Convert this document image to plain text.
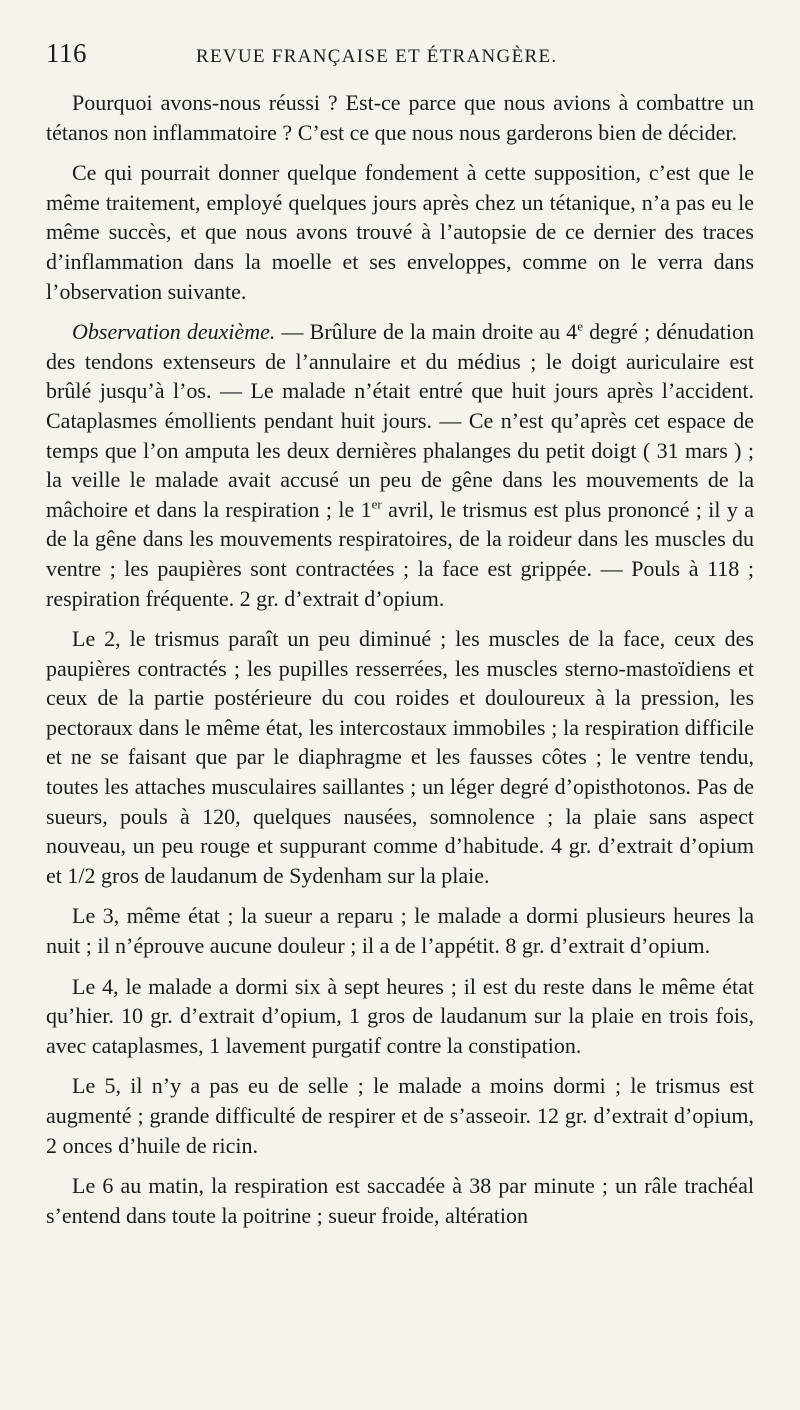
116	REVUE FRANÇAISE ET ÉTRANGÈRE.

Pourquoi avons-nous réussi ? Est-ce parce que nous avions à combattre un tétanos non inflammatoire ? C’est ce que nous nous garderons bien de décider.

Ce qui pourrait donner quelque fondement à cette supposition, c’est que le même traitement, employé quelques jours après chez un tétanique, n’a pas eu le même succès, et que nous avons trouvé à l’autopsie de ce dernier des traces d’inflammation dans la moelle et ses enveloppes, comme on le verra dans l’observation suivante.

Observation deuxième. — Brûlure de la main droite au 4e degré ; dénudation des tendons extenseurs de l’annulaire et du médius ; le doigt auriculaire est brûlé jusqu’à l’os. — Le malade n’était entré que huit jours après l’accident. Cataplasmes émollients pendant huit jours. — Ce n’est qu’après cet espace de temps que l’on amputa les deux dernières phalanges du petit doigt ( 31 mars ) ; la veille le malade avait accusé un peu de gêne dans les mouvements de la mâchoire et dans la respiration ; le 1er avril, le trismus est plus prononcé ; il y a de la gêne dans les mouvements respiratoires, de la roideur dans les muscles du ventre ; les paupières sont contractées ; la face est grippée. — Pouls à 118 ; respiration fréquente. 2 gr. d’extrait d’opium.

Le 2, le trismus paraît un peu diminué ; les muscles de la face, ceux des paupières contractés ; les pupilles resserrées, les muscles sterno-mastoïdiens et ceux de la partie postérieure du cou roides et douloureux à la pression, les pectoraux dans le même état, les intercostaux immobiles ; la respiration difficile et ne se faisant que par le diaphragme et les fausses côtes ; le ventre tendu, toutes les attaches musculaires saillantes ; un léger degré d’opisthotonos. Pas de sueurs, pouls à 120, quelques nausées, somnolence ; la plaie sans aspect nouveau, un peu rouge et suppurant comme d’habitude. 4 gr. d’extrait d’opium et 1/2 gros de laudanum de Sydenham sur la plaie.

Le 3, même état ; la sueur a reparu ; le malade a dormi plusieurs heures la nuit ; il n’éprouve aucune douleur ; il a de l’appétit. 8 gr. d’extrait d’opium.

Le 4, le malade a dormi six à sept heures ; il est du reste dans le même état qu’hier. 10 gr. d’extrait d’opium, 1 gros de laudanum sur la plaie en trois fois, avec cataplasmes, 1 lavement purgatif contre la constipation.

Le 5, il n’y a pas eu de selle ; le malade a moins dormi ; le trismus est augmenté ; grande difficulté de respirer et de s’asseoir. 12 gr. d’extrait d’opium, 2 onces d’huile de ricin.

Le 6 au matin, la respiration est saccadée à 38 par minute ; un râle trachéal s’entend dans toute la poitrine ; sueur froide, altération
